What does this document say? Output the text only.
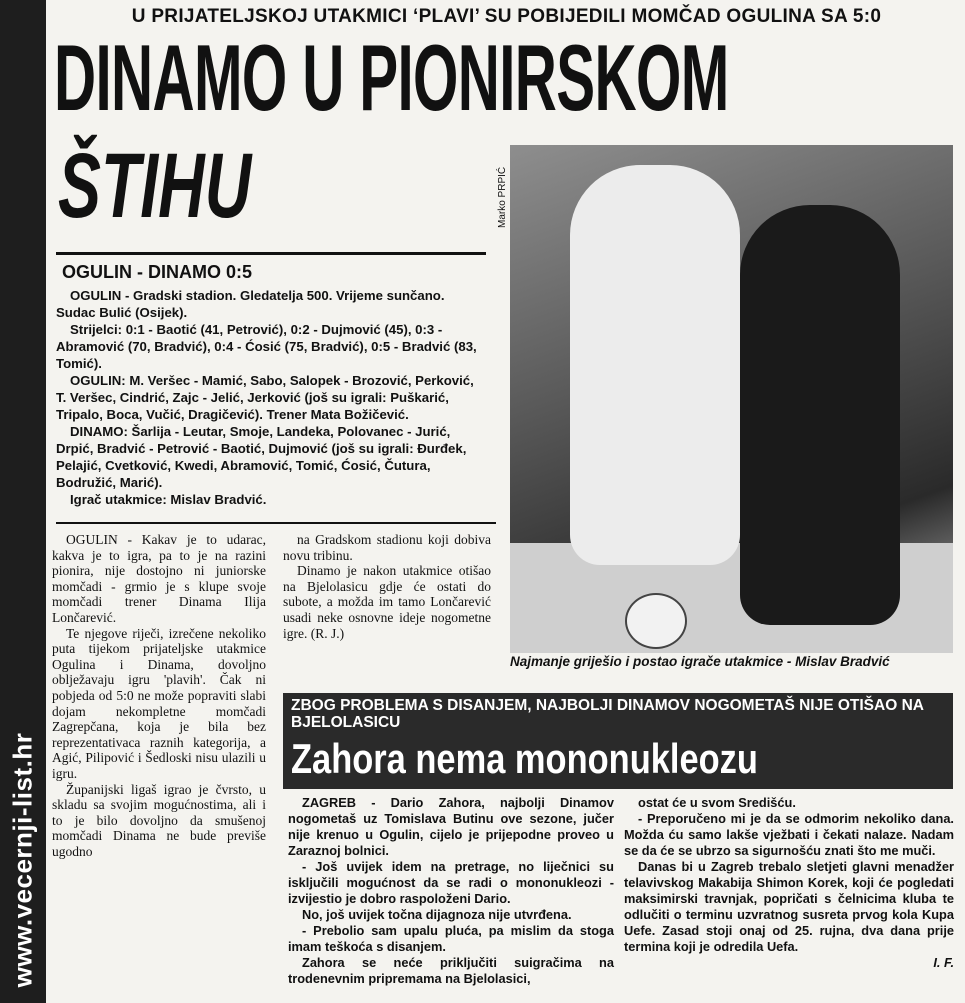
www.vecernji-list.hr
U PRIJATELJSKOJ UTAKMICI ‘PLAVI’ SU POBIJEDILI MOMČAD OGULINA SA 5:0
DINAMO U PIONIRSKOM
ŠTIHU	Marko PRPIĆ
Najmanje griješio i postao igrače utakmice - Mislav Bradvić
OGULIN - DINAMO 0:5

OGULIN - Gradski stadion. Gledatelja 500. Vrijeme sunčano. Sudac Bulić (Osijek).

Strijelci: 0:1 - Baotić (41, Petrović), 0:2 - Dujmović (45), 0:3 - Abramović (70, Bradvić), 0:4 - Ćosić (75, Bradvić), 0:5 - Bradvić (83, Tomić).

OGULIN: M. Veršec - Mamić, Sabo, Salopek - Brozović, Perković, T. Veršec, Cindrić, Zajc - Jelić, Jerković (još su igrali: Puškarić, Tripalo, Boca, Vučić, Dragičević). Trener Mata Božičević.

DINAMO: Šarlija - Leutar, Smoje, Landeka, Polovanec - Jurić, Drpić, Bradvić - Petrović - Baotić, Dujmović (još su igrali: Đurđek, Pelajić, Cvetković, Kwedi, Abramović, Tomić, Ćosić, Čutura, Bodružić, Marić).

Igrač utakmice: Mislav Bradvić.

OGULIN - Kakav je to udarac, kakva je to igra, pa to je na razini pionira, nije dostojno ni juniorske momčadi - grmio je s klupe svoje momčadi trener Dinama Ilija Lončarević.

Te njegove riječi, izrečene nekoliko puta tijekom prijateljske utakmice Ogulina i Dinama, dovoljno oblježavaju igru 'plavih'. Čak ni pobjeda od 5:0 ne može popraviti slabi dojam nekompletne momčadi Zagrepčana, koja je bila bez reprezentativaca raznih kategorija, a Agić, Pilipović i Šedloski nisu ulazili u igru.

Županijski ligaš igrao je čvrsto, u skladu sa svojim mogućnostima, ali i to je bilo dovoljno da smušenoj momčadi Dinama ne bude previše ugodno

na Gradskom stadionu koji dobiva novu tribinu.

Dinamo je nakon utakmice otišao na Bjelolasicu gdje će ostati do subote, a možda im tamo Lončarević usadi neke osnovne ideje nogometne igre. (R. J.)

ZBOG PROBLEMA S DISANJEM, NAJBOLJI DINAMOV NOGOMETAŠ NIJE OTIŠAO NA BJELOLASICU
Zahora nema mononukleozu

ZAGREB - Dario Zahora, najbolji Dinamov nogometaš uz Tomislava Butinu ove sezone, jučer nije krenuo u Ogulin, cijelo je prijepodne proveo u Zaraznoj bolnici.

- Još uvijek idem na pretrage, no liječnici su isključili mogućnost da se radi o mononukleozi - izvijestio je dobro raspoloženi Dario.

No, još uvijek točna dijagnoza nije utvrđena.

- Prebolio sam upalu pluća, pa mislim da stoga imam teškoća s disanjem.

Zahora se neće priključiti suigračima na trodenevnim pripremama na Bjelolasici,

ostat će u svom Središću.

- Preporučeno mi je da se odmorim nekoliko dana. Možda ću samo lakše vježbati i čekati nalaze. Nadam se da će se ubrzo sa sigurnošću znati što me muči.

Danas bi u Zagreb trebalo sletjeti glavni menadžer telavivskog Makabija Shimon Korek, koji će pogledati maksimirski travnjak, popričati s čelnicima kluba te odlučiti o terminu uzvratnog susreta prvog kola Kupa Uefe. Zasad stoji onaj od 25. rujna, dva dana prije termina koji je odredila Uefa.

I. F.
